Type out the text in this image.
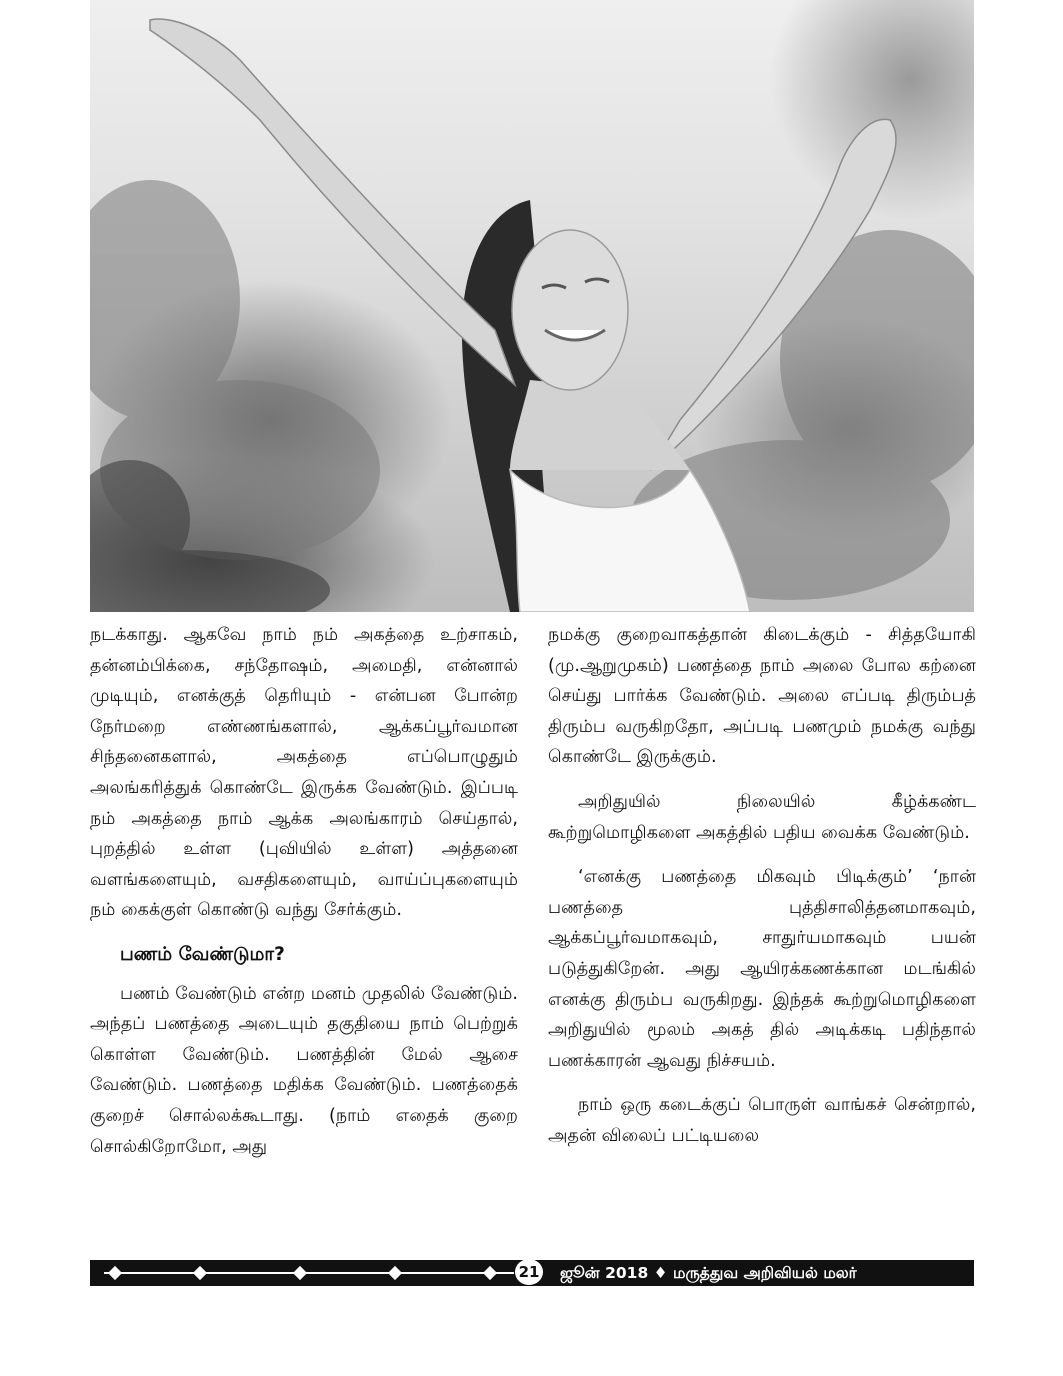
நடக்காது. ஆகவே நாம் நம் அகத்தை உற்சாகம், தன்னம்பிக்கை, சந்தோஷம், அமைதி, என்னால் முடியும், எனக்குத் தெரியும் - என்பன போன்ற நேர்மறை எண்ணங்களால், ஆக்கப்பூர்வமான சிந்தனைகளால், அகத்தை எப்பொழுதும் அலங்கரித்துக் கொண்டே இருக்க வேண்டும். இப்படி நம் அகத்தை நாம் ஆக்க அலங்காரம் செய்தால், புறத்தில் உள்ள (புவியில் உள்ள) அத்தனை வளங்களையும், வசதிகளையும், வாய்ப்புகளையும் நம் கைக்குள் கொண்டு வந்து சேர்க்கும்.

பணம் வேண்டுமா?

பணம் வேண்டும் என்ற மனம் முதலில் வேண்டும். அந்தப் பணத்தை அடையும் தகுதியை நாம் பெற்றுக் கொள்ள வேண்டும். பணத்தின் மேல் ஆசை வேண்டும். பணத்தை மதிக்க வேண்டும். பணத்தைக் குறைச் சொல்லக்கூடாது. (நாம் எதைக் குறை சொல்கிறோமோ, அது

நமக்கு குறைவாகத்தான் கிடைக்கும் - சித்தயோகி (மு.ஆறுமுகம்) பணத்தை நாம் அலை போல கற்னை செய்து பார்க்க வேண்டும். அலை எப்படி திரும்பத் திரும்ப வருகிறதோ, அப்படி பணமும் நமக்கு வந்து கொண்டே இருக்கும்.

அறிதுயில் நிலையில் கீழ்க்கண்ட கூற்றுமொழிகளை அகத்தில் பதிய வைக்க வேண்டும்.

‘எனக்கு பணத்தை மிகவும் பிடிக்கும்’ ‘நான் பணத்தை புத்திசாலித்தனமாகவும், ஆக்கப்பூர்வமாகவும், சாதுர்யமாகவும் பயன் படுத்துகிறேன். அது ஆயிரக்கணக்கான மடங்கில் எனக்கு திரும்ப வருகிறது. இந்தக் கூற்றுமொழிகளை அறிதுயில் மூலம் அகத் தில் அடிக்கடி பதிந்தால் பணக்காரன் ஆவது நிச்சயம்.

நாம் ஒரு கடைக்குப் பொருள் வாங்கச் சென்றால், அதன் விலைப் பட்டியலை

21 ஜூன் 2018 ♦ மருத்துவ அறிவியல் மலர்
